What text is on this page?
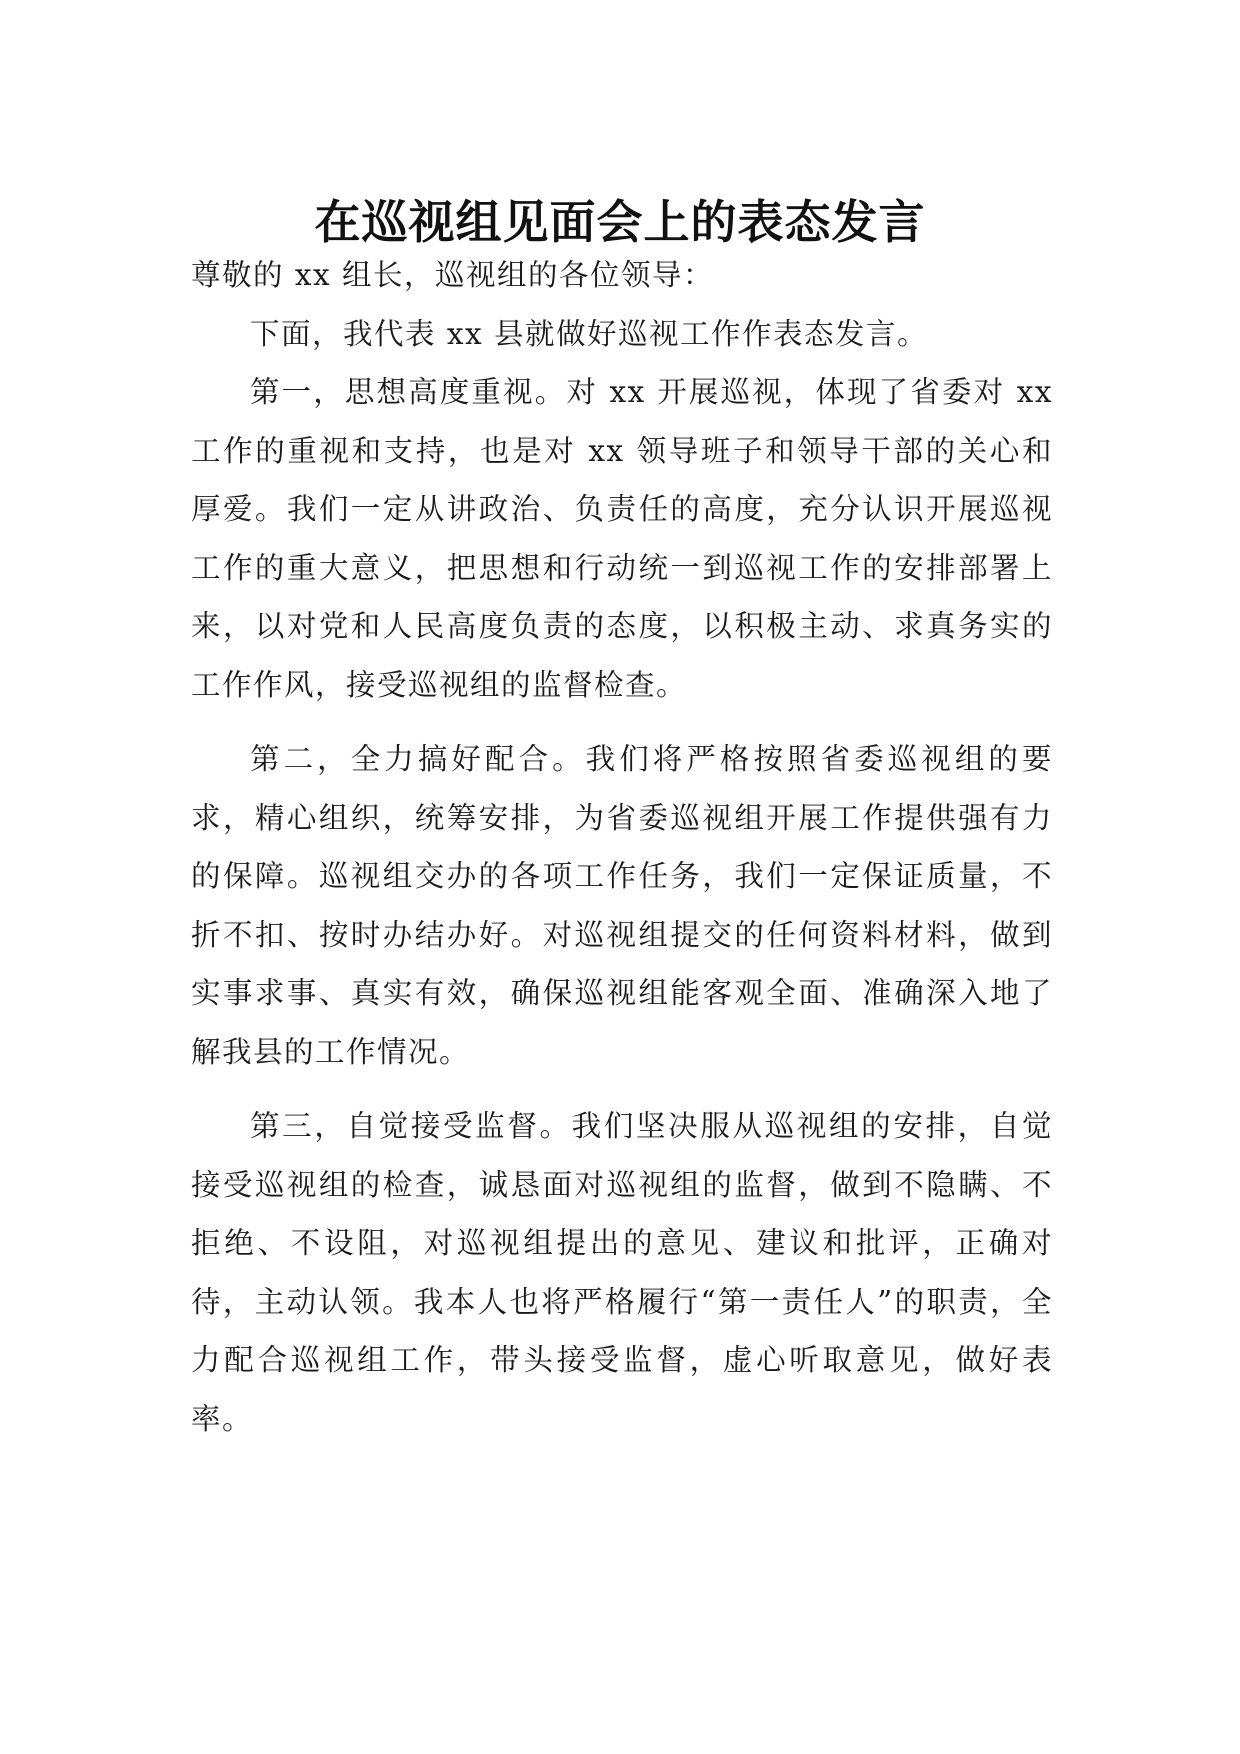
在巡视组见面会上的表态发言

尊敬的 xx 组长，巡视组的各位领导：

下面，我代表 xx 县就做好巡视工作作表态发言。

第一，思想高度重视。对 xx 开展巡视，体现了省委对 xx 工作的重视和支持，也是对 xx 领导班子和领导干部的关心和厚爱。我们一定从讲政治、负责任的高度，充分认识开展巡视工作的重大意义，把思想和行动统一到巡视工作的安排部署上来，以对党和人民高度负责的态度，以积极主动、求真务实的工作作风，接受巡视组的监督检查。

第二，全力搞好配合。我们将严格按照省委巡视组的要求，精心组织，统筹安排，为省委巡视组开展工作提供强有力的保障。巡视组交办的各项工作任务，我们一定保证质量，不折不扣、按时办结办好。对巡视组提交的任何资料材料，做到实事求事、真实有效，确保巡视组能客观全面、准确深入地了解我县的工作情况。

第三，自觉接受监督。我们坚决服从巡视组的安排，自觉接受巡视组的检查，诚恳面对巡视组的监督，做到不隐瞒、不拒绝、不设阻，对巡视组提出的意见、建议和批评，正确对待，主动认领。我本人也将严格履行“第一责任人”的职责，全力配合巡视组工作，带头接受监督，虚心听取意见，做好表率。
